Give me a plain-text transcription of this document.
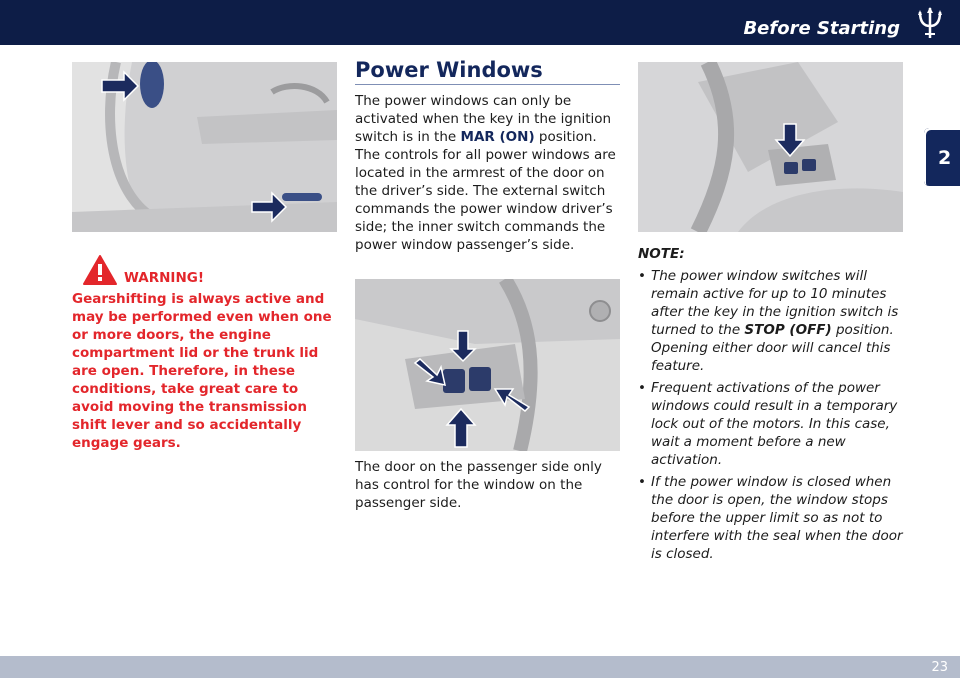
Before Starting
2
WARNING!
Gearshifting is always active and may be performed even when one or more doors, the engine compartment lid or the trunk lid are open. Therefore, in these conditions, take great care to avoid moving the transmission shift lever and so accidentally engage gears.
Power Windows
The power windows can only be activated when the key in the ignition switch is in the MAR (ON) position. The controls for all power windows are located in the armrest of the door on the driver’s side. The external switch commands the power window driver’s side; the inner switch commands the power window passenger’s side.
The door on the passenger side only has control for the window on the passenger side.
NOTE:
• The power window switches will remain active for up to 10 minutes after the key in the ignition switch is turned to the STOP (OFF) position. Opening either door will cancel this feature.
• Frequent activations of the power windows could result in a temporary lock out of the motors. In this case, wait a moment before a new activation.
• If the power window is closed when the door is open, the window stops before the upper limit so as not to interfere with the seal when the door is closed.
23
